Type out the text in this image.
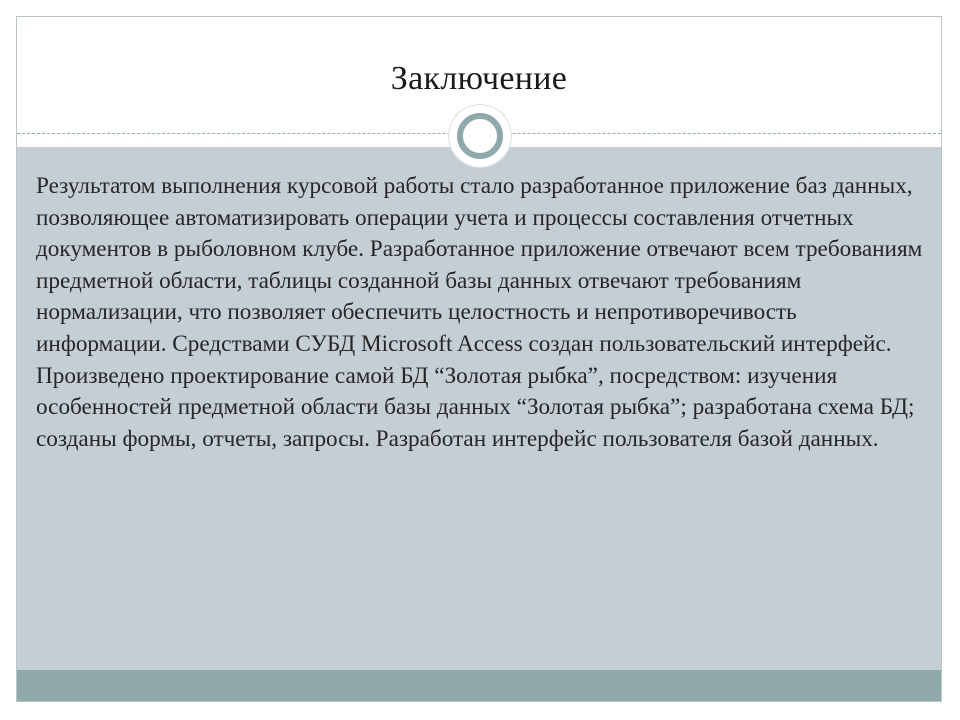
Заключение

Результатом выполнения курсовой работы стало разработанное приложение баз данных, позволяющее автоматизировать операции учета и процессы составления отчетных документов в рыболовном клубе. Разработанное приложение отвечают всем требованиям предметной области, таблицы созданной базы данных отвечают требованиям нормализации, что позволяет обеспечить целостность и непротиворечивость информации. Средствами СУБД Microsoft Access создан пользовательский интерфейс. Произведено проектирование самой БД “Золотая рыбка”, посредством: изучения особенностей предметной области базы данных “Золотая рыбка”; разработана схема БД; созданы формы, отчеты, запросы. Разработан интерфейс пользователя базой данных.
